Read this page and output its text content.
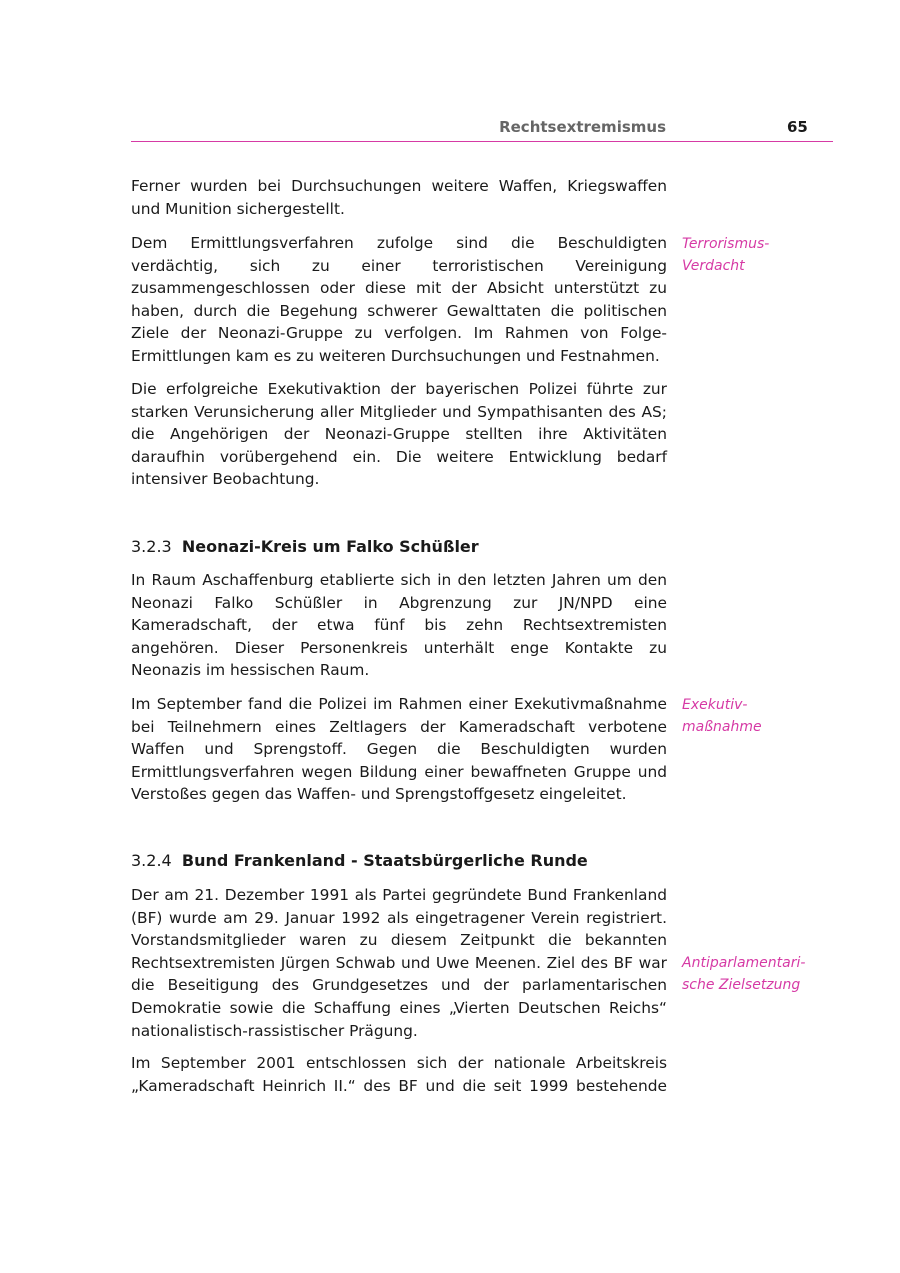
Rechtsextremismus	65

Ferner wurden bei Durchsuchungen weitere Waffen, Kriegswaffen und Munition sichergestellt.

Dem Ermittlungsverfahren zufolge sind die Beschuldigten verdächtig, sich zu einer terroristischen Vereinigung zusammengeschlossen oder diese mit der Absicht unterstützt zu haben, durch die Begehung schwerer Gewalttaten die politischen Ziele der Neonazi-Gruppe zu verfolgen. Im Rahmen von Folge-Ermittlungen kam es zu weiteren Durchsuchungen und Festnahmen.

Terrorismus-
Verdacht

Die erfolgreiche Exekutivaktion der bayerischen Polizei führte zur starken Verunsicherung aller Mitglieder und Sympathisanten des AS; die Angehörigen der Neonazi-Gruppe stellten ihre Aktivitäten daraufhin vorübergehend ein. Die weitere Entwicklung bedarf intensiver Beobachtung.

3.2.3 Neonazi-Kreis um Falko Schüßler

In Raum Aschaffenburg etablierte sich in den letzten Jahren um den Neonazi Falko Schüßler in Abgrenzung zur JN/NPD eine Kameradschaft, der etwa fünf bis zehn Rechtsextremisten angehören. Dieser Personenkreis unterhält enge Kontakte zu Neonazis im hessischen Raum.

Im September fand die Polizei im Rahmen einer Exekutivmaßnahme bei Teilnehmern eines Zeltlagers der Kameradschaft verbotene Waffen und Sprengstoff. Gegen die Beschuldigten wurden Ermittlungsverfahren wegen Bildung einer bewaffneten Gruppe und Verstoßes gegen das Waffen- und Sprengstoffgesetz eingeleitet.

Exekutiv-
maßnahme
3.2.4 Bund Frankenland - Staatsbürgerliche Runde

Der am 21. Dezember 1991 als Partei gegründete Bund Frankenland (BF) wurde am 29. Januar 1992 als eingetragener Verein registriert. Vorstandsmitglieder waren zu diesem Zeitpunkt die bekannten Rechtsextremisten Jürgen Schwab und Uwe Meenen. Ziel des BF war die Beseitigung des Grundgesetzes und der parlamentarischen Demokratie sowie die Schaffung eines „Vierten Deutschen Reichs“ nationalistisch-rassistischer Prägung.

Antiparlamentari-
sche Zielsetzung

Im September 2001 entschlossen sich der nationale Arbeitskreis „Kameradschaft Heinrich II.“ des BF und die seit 1999 bestehende
